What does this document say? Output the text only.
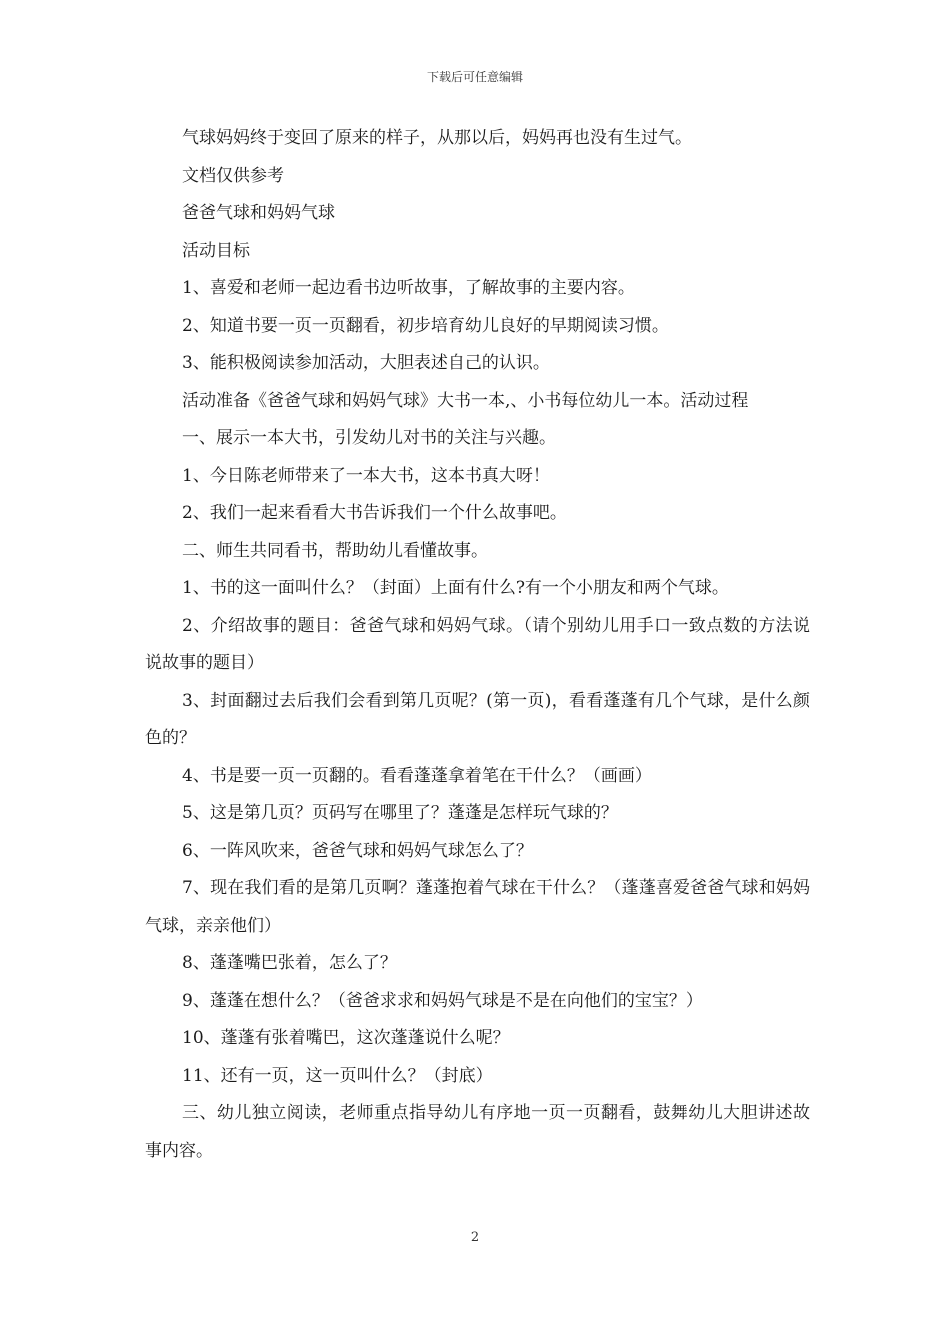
下载后可任意编辑

气球妈妈终于变回了原来的样子，从那以后，妈妈再也没有生过气。

文档仅供参考

爸爸气球和妈妈气球

活动目标

1、喜爱和老师一起边看书边听故事，了解故事的主要内容。

2、知道书要一页一页翻看，初步培育幼儿良好的早期阅读习惯。

3、能积极阅读参加活动，大胆表述自己的认识。

活动准备《爸爸气球和妈妈气球》大书一本,、小书每位幼儿一本。活动过程

一、展示一本大书，引发幼儿对书的关注与兴趣。

1、今日陈老师带来了一本大书，这本书真大呀！

2、我们一起来看看大书告诉我们一个什么故事吧。

二、师生共同看书，帮助幼儿看懂故事。

1、书的这一面叫什么？（封面）上面有什么?有一个小朋友和两个气球。

2、介绍故事的题目：爸爸气球和妈妈气球。（请个别幼儿用手口一致点数的方法说说故事的题目）

3、封面翻过去后我们会看到第几页呢？(第一页)，看看蓬蓬有几个气球，是什么颜色的？

4、书是要一页一页翻的。看看蓬蓬拿着笔在干什么？（画画）

5、这是第几页？页码写在哪里了？蓬蓬是怎样玩气球的？

6、一阵风吹来，爸爸气球和妈妈气球怎么了？

7、现在我们看的是第几页啊？蓬蓬抱着气球在干什么？（蓬蓬喜爱爸爸气球和妈妈气球，亲亲他们）

8、蓬蓬嘴巴张着，怎么了？

9、蓬蓬在想什么？（爸爸求求和妈妈气球是不是在向他们的宝宝？）

10、蓬蓬有张着嘴巴，这次蓬蓬说什么呢？

11、还有一页，这一页叫什么？（封底）

三、幼儿独立阅读，老师重点指导幼儿有序地一页一页翻看，鼓舞幼儿大胆讲述故事内容。

2
